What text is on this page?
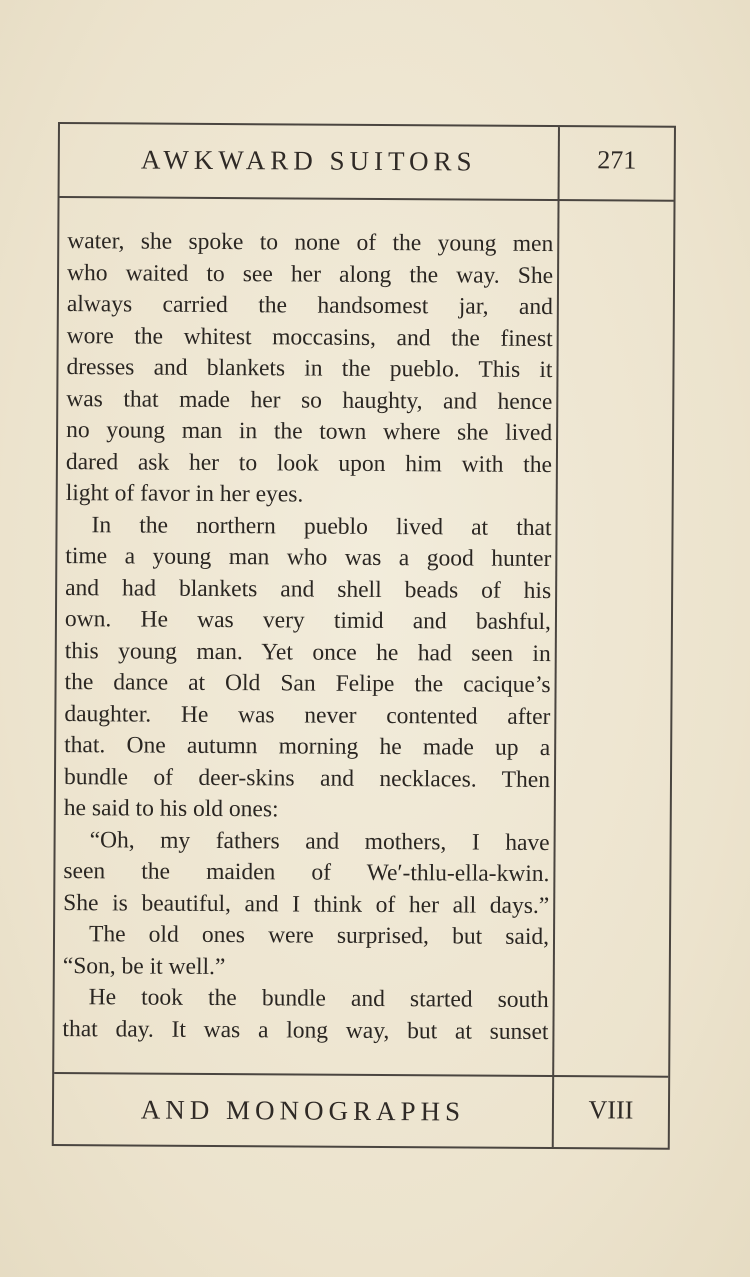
AWKWARD SUITORS	271
water, she spoke to none of the young men
who waited to see her along the way. She
always carried the handsomest jar, and
wore the whitest moccasins, and the finest
dresses and blankets in the pueblo. This it
was that made her so haughty, and hence
no young man in the town where she lived
dared ask her to look upon him with the
light of favor in her eyes.
In the northern pueblo lived at that
time a young man who was a good hunter
and had blankets and shell beads of his
own. He was very timid and bashful,
this young man. Yet once he had seen in
the dance at Old San Felipe the cacique’s
daughter. He was never contented after
that. One autumn morning he made up a
bundle of deer-skins and necklaces. Then
he said to his old ones:
“Oh, my fathers and mothers, I have
seen the maiden of We′-thlu-ella-kwin.
She is beautiful, and I think of her all days.”
The old ones were surprised, but said,
“Son, be it well.”
He took the bundle and started south
that day. It was a long way, but at sunset
AND MONOGRAPHS	VIII
